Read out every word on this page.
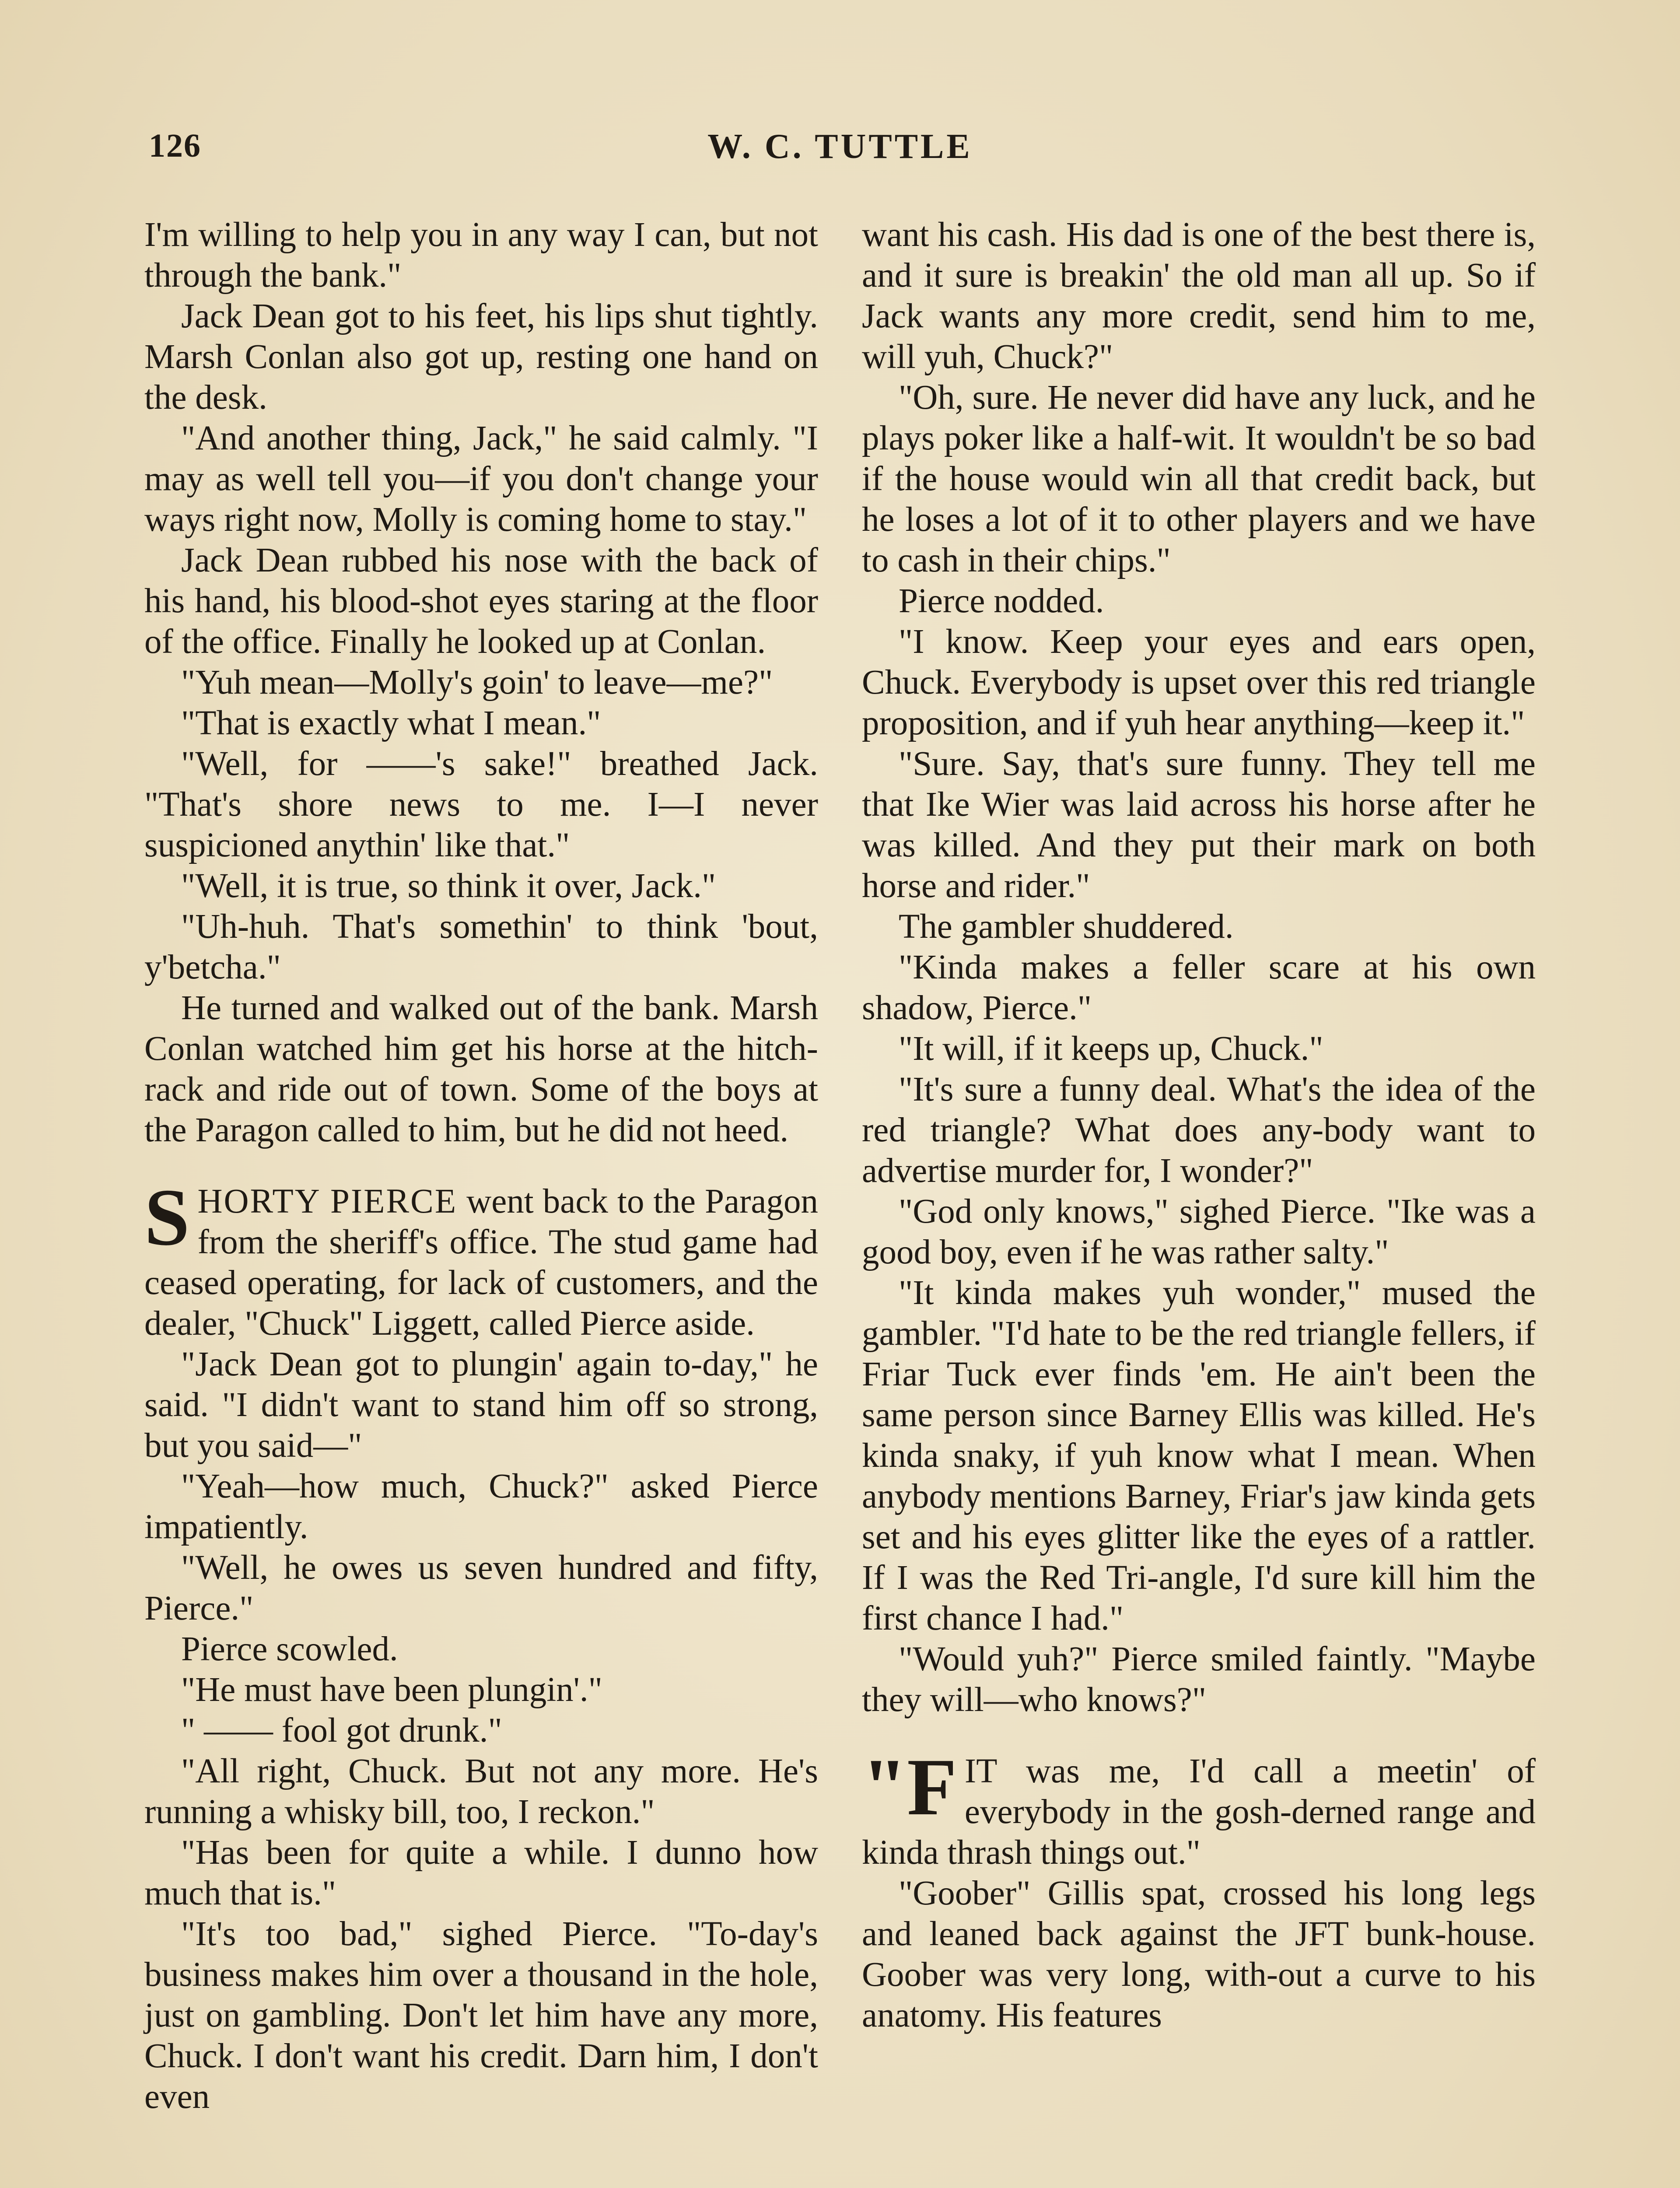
126	W. C. TUTTLE

I'm willing to help you in any way I can, but not through the bank."

Jack Dean got to his feet, his lips shut tightly. Marsh Conlan also got up, resting one hand on the desk.

"And another thing, Jack," he said calmly. "I may as well tell you—if you don't change your ways right now, Molly is coming home to stay."

Jack Dean rubbed his nose with the back of his hand, his blood-shot eyes staring at the floor of the office. Finally he looked up at Conlan.

"Yuh mean—Molly's goin' to leave—me?"

"That is exactly what I mean."

"Well, for ——'s sake!" breathed Jack. "That's shore news to me. I—I never suspicioned anythin' like that."

"Well, it is true, so think it over, Jack."

"Uh-huh. That's somethin' to think 'bout, y'betcha."

He turned and walked out of the bank. Marsh Conlan watched him get his horse at the hitch-rack and ride out of town. Some of the boys at the Paragon called to him, but he did not heed.

SHORTY PIERCE went back to the Paragon from the sheriff's office. The stud game had ceased operating, for lack of customers, and the dealer, "Chuck" Liggett, called Pierce aside.

"Jack Dean got to plungin' again to-day," he said. "I didn't want to stand him off so strong, but you said—"

"Yeah—how much, Chuck?" asked Pierce impatiently.

"Well, he owes us seven hundred and fifty, Pierce."

Pierce scowled.

"He must have been plungin'."

" —— fool got drunk."

"All right, Chuck. But not any more. He's running a whisky bill, too, I reckon."

"Has been for quite a while. I dunno how much that is."

"It's too bad," sighed Pierce. "To-day's business makes him over a thousand in the hole, just on gambling. Don't let him have any more, Chuck. I don't want his credit. Darn him, I don't even

want his cash. His dad is one of the best there is, and it sure is breakin' the old man all up. So if Jack wants any more credit, send him to me, will yuh, Chuck?"

"Oh, sure. He never did have any luck, and he plays poker like a half-wit. It wouldn't be so bad if the house would win all that credit back, but he loses a lot of it to other players and we have to cash in their chips."

Pierce nodded.

"I know. Keep your eyes and ears open, Chuck. Everybody is upset over this red triangle proposition, and if yuh hear anything—keep it."

"Sure. Say, that's sure funny. They tell me that Ike Wier was laid across his horse after he was killed. And they put their mark on both horse and rider."

The gambler shuddered.

"Kinda makes a feller scare at his own shadow, Pierce."

"It will, if it keeps up, Chuck."

"It's sure a funny deal. What's the idea of the red triangle? What does any-body want to advertise murder for, I wonder?"

"God only knows," sighed Pierce. "Ike was a good boy, even if he was rather salty."

"It kinda makes yuh wonder," mused the gambler. "I'd hate to be the red triangle fellers, if Friar Tuck ever finds 'em. He ain't been the same person since Barney Ellis was killed. He's kinda snaky, if yuh know what I mean. When anybody mentions Barney, Friar's jaw kinda gets set and his eyes glitter like the eyes of a rattler. If I was the Red Tri-angle, I'd sure kill him the first chance I had."

"Would yuh?" Pierce smiled faintly. "Maybe they will—who knows?"

"F IT was me, I'd call a meetin' of everybody in the gosh-derned range and kinda thrash things out."

"Goober" Gillis spat, crossed his long legs and leaned back against the JFT bunk-house. Goober was very long, with-out a curve to his anatomy. His features
